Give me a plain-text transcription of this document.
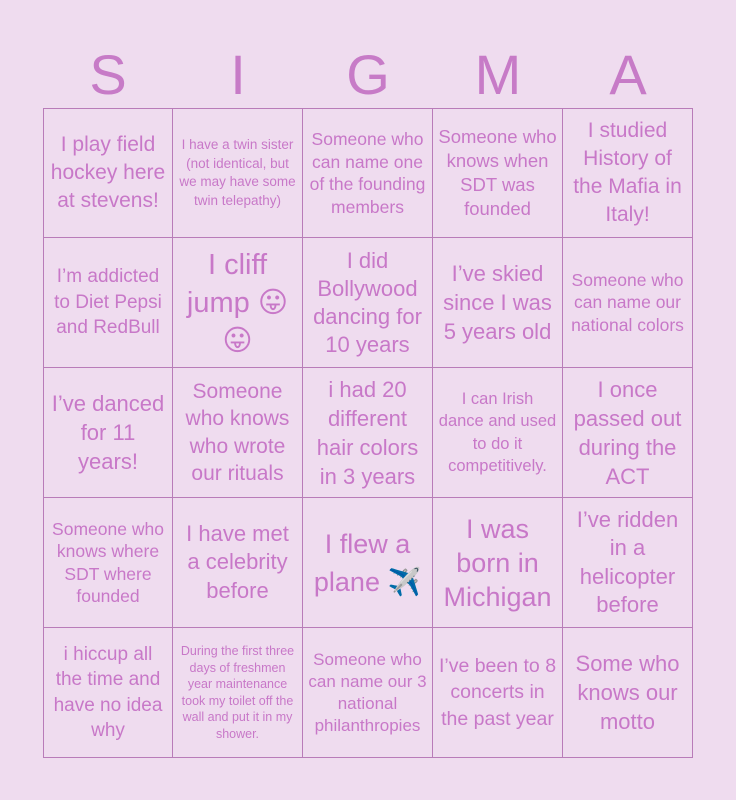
S	I	G	M	A
I play field hockey here at stevens!
I have a twin sister (not identical, but we may have some twin telepathy)
Someone who can name one of the founding members
Someone who knows when SDT was founded
I studied History of the Mafia in Italy!
I’m addicted to Diet Pepsi and RedBull
I cliff jump 😛😛
I did Bollywood dancing for 10 years
I’ve skied since I was 5 years old
Someone who can name our national colors
I’ve danced for 11 years!
Someone who knows who wrote our rituals
i had 20 different hair colors in 3 years
I can Irish dance and used to do it competitively.
I once passed out during the ACT
Someone who knows where SDT where founded
I have met a celebrity before
I flew a plane ✈️
I was born in Michigan
I’ve ridden in a helicopter before
i hiccup all the time and have no idea why
During the first three days of freshmen year maintenance took my toilet off the wall and put it in my shower.
Someone who can name our 3 national philanthropies
I’ve been to 8 concerts in the past year
Some who knows our motto
